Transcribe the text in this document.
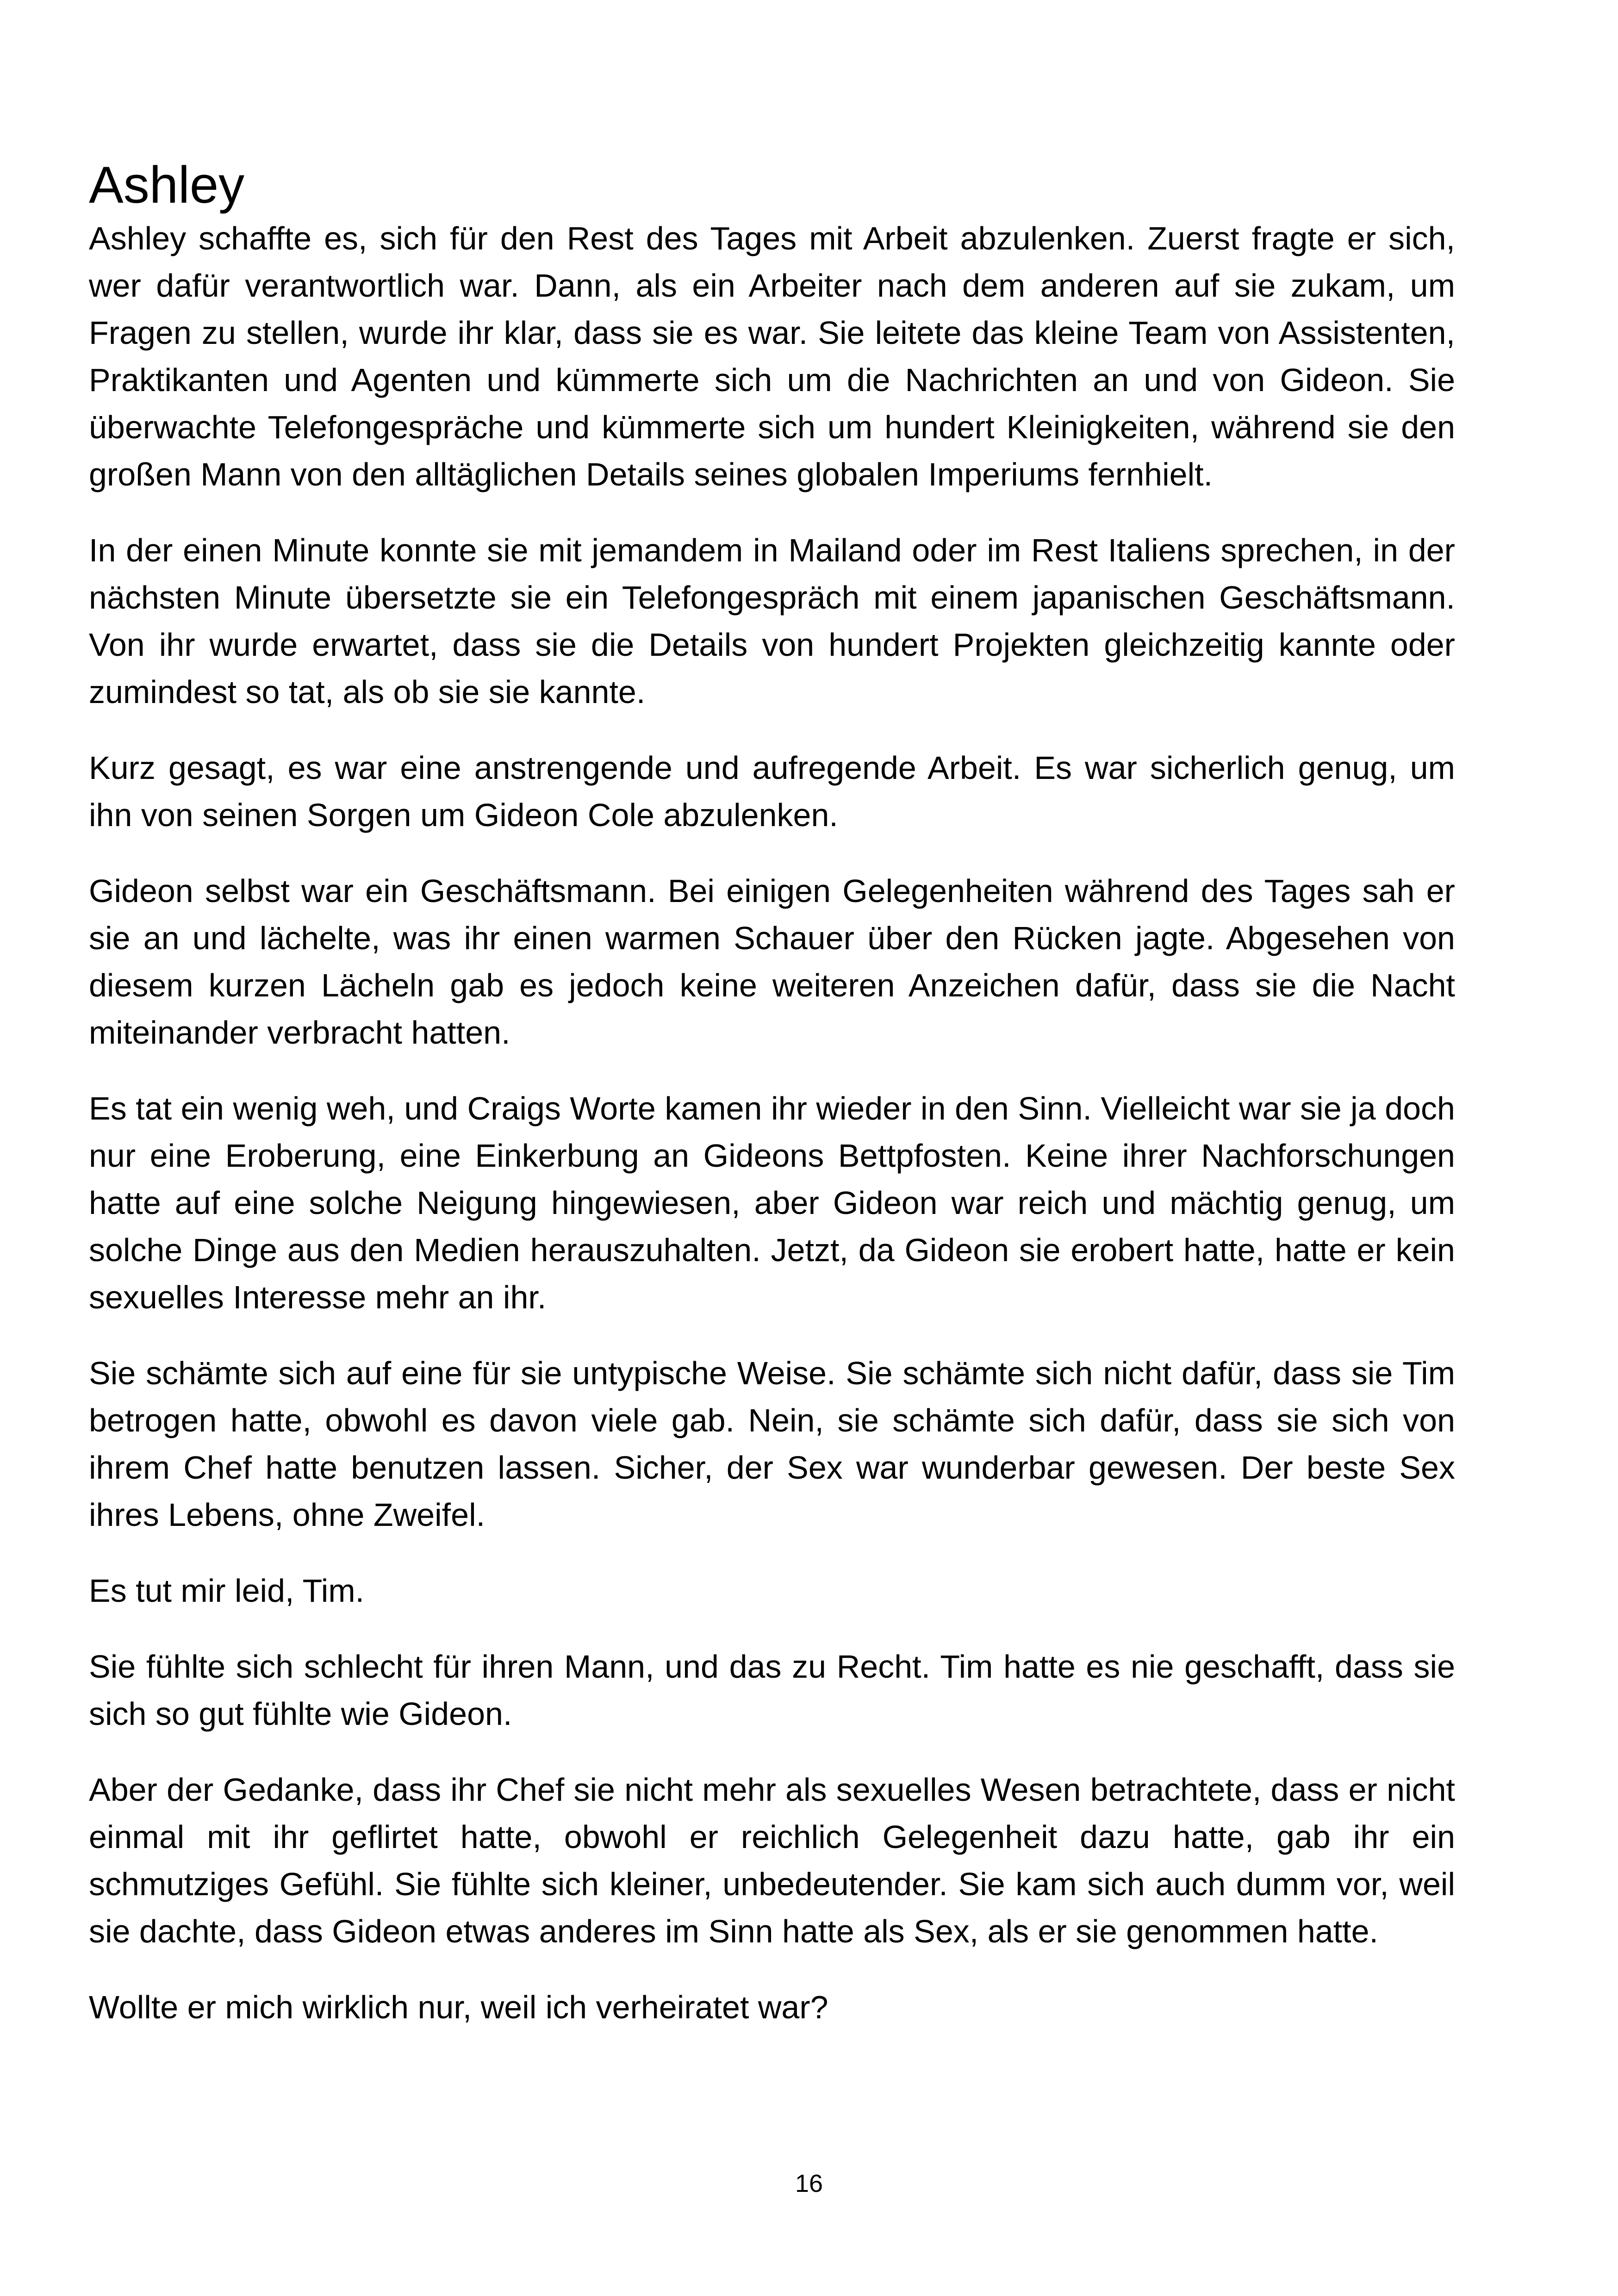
Ashley

Ashley schaffte es, sich für den Rest des Tages mit Arbeit abzulenken. Zuerst fragte er sich, wer dafür verantwortlich war. Dann, als ein Arbeiter nach dem anderen auf sie zukam, um Fragen zu stellen, wurde ihr klar, dass sie es war. Sie leitete das kleine Team von Assistenten, Praktikanten und Agenten und kümmerte sich um die Nachrichten an und von Gideon. Sie überwachte Telefongespräche und kümmerte sich um hundert Kleinigkeiten, während sie den großen Mann von den alltäglichen Details seines globalen Imperiums fernhielt.

In der einen Minute konnte sie mit jemandem in Mailand oder im Rest Italiens sprechen, in der nächsten Minute übersetzte sie ein Telefongespräch mit einem japanischen Geschäftsmann. Von ihr wurde erwartet, dass sie die Details von hundert Projekten gleichzeitig kannte oder zumindest so tat, als ob sie sie kannte.

Kurz gesagt, es war eine anstrengende und aufregende Arbeit. Es war sicherlich genug, um ihn von seinen Sorgen um Gideon Cole abzulenken.

Gideon selbst war ein Geschäftsmann. Bei einigen Gelegenheiten während des Tages sah er sie an und lächelte, was ihr einen warmen Schauer über den Rücken jagte. Abgesehen von diesem kurzen Lächeln gab es jedoch keine weiteren Anzeichen dafür, dass sie die Nacht miteinander verbracht hatten.

Es tat ein wenig weh, und Craigs Worte kamen ihr wieder in den Sinn. Vielleicht war sie ja doch nur eine Eroberung, eine Einkerbung an Gideons Bettpfosten. Keine ihrer Nachforschungen hatte auf eine solche Neigung hingewiesen, aber Gideon war reich und mächtig genug, um solche Dinge aus den Medien herauszuhalten. Jetzt, da Gideon sie erobert hatte, hatte er kein sexuelles Interesse mehr an ihr.

Sie schämte sich auf eine für sie untypische Weise. Sie schämte sich nicht dafür, dass sie Tim betrogen hatte, obwohl es davon viele gab. Nein, sie schämte sich dafür, dass sie sich von ihrem Chef hatte benutzen lassen. Sicher, der Sex war wunderbar gewesen. Der beste Sex ihres Lebens, ohne Zweifel.

Es tut mir leid, Tim.

Sie fühlte sich schlecht für ihren Mann, und das zu Recht. Tim hatte es nie geschafft, dass sie sich so gut fühlte wie Gideon.

Aber der Gedanke, dass ihr Chef sie nicht mehr als sexuelles Wesen betrachtete, dass er nicht einmal mit ihr geflirtet hatte, obwohl er reichlich Gelegenheit dazu hatte, gab ihr ein schmutziges Gefühl. Sie fühlte sich kleiner, unbedeutender. Sie kam sich auch dumm vor, weil sie dachte, dass Gideon etwas anderes im Sinn hatte als Sex, als er sie genommen hatte.

Wollte er mich wirklich nur, weil ich verheiratet war?

16
